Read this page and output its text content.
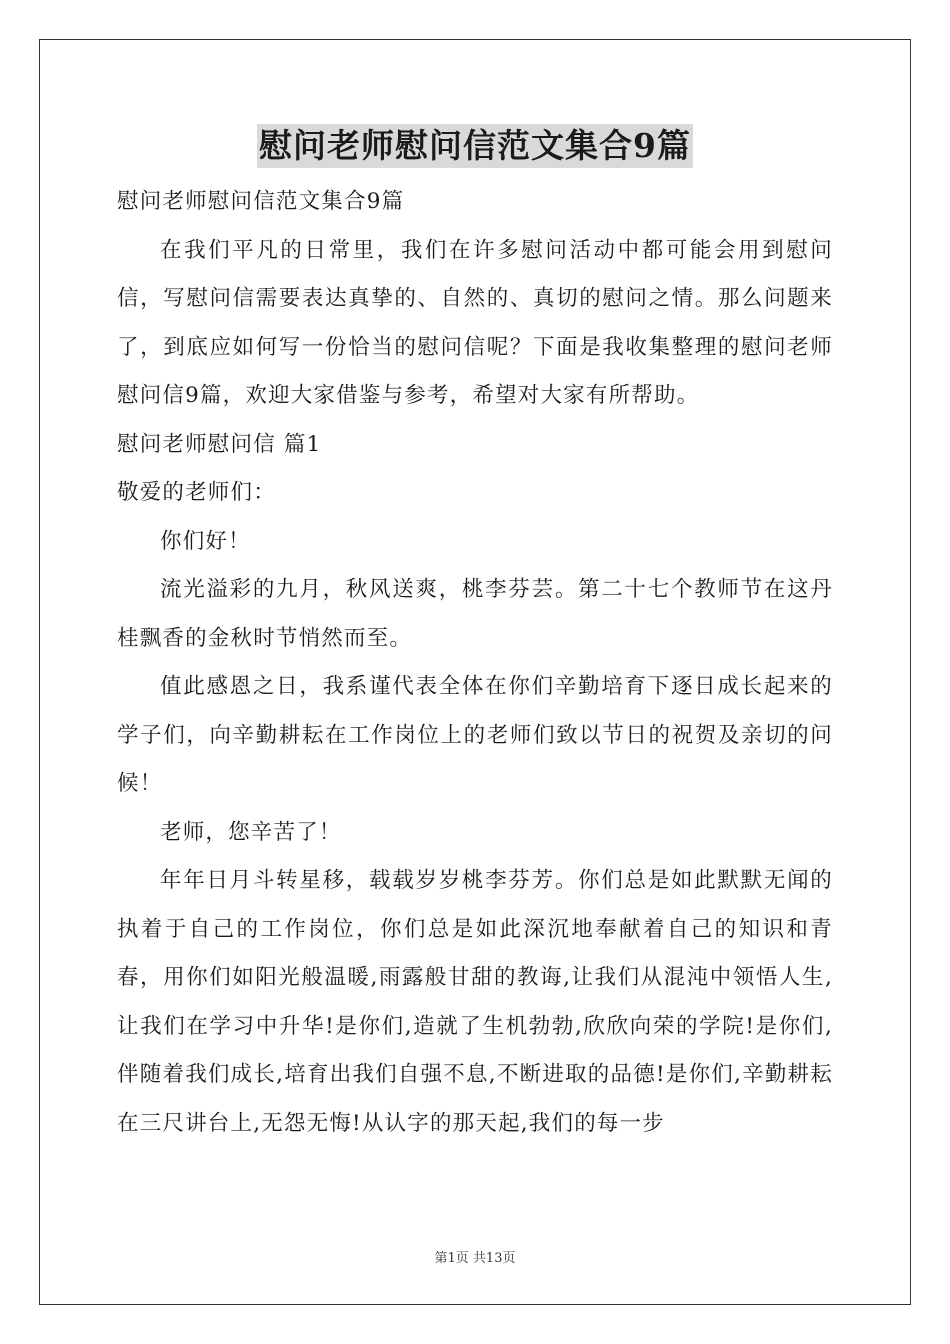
慰问老师慰问信范文集合9篇
慰问老师慰问信范文集合9篇
在我们平凡的日常里，我们在许多慰问活动中都可能会用到慰问信，写慰问信需要表达真挚的、自然的、真切的慰问之情。那么问题来了，到底应如何写一份恰当的慰问信呢？下面是我收集整理的慰问老师慰问信9篇，欢迎大家借鉴与参考，希望对大家有所帮助。
慰问老师慰问信 篇1
敬爱的老师们：
你们好！
流光溢彩的九月，秋风送爽，桃李芬芸。第二十七个教师节在这丹桂飘香的金秋时节悄然而至。
值此感恩之日，我系谨代表全体在你们辛勤培育下逐日成长起来的学子们，向辛勤耕耘在工作岗位上的老师们致以节日的祝贺及亲切的问候！
老师，您辛苦了！
年年日月斗转星移，载载岁岁桃李芬芳。你们总是如此默默无闻的执着于自己的工作岗位，你们总是如此深沉地奉献着自己的知识和青春，用你们如阳光般温暖,雨露般甘甜的教诲,让我们从混沌中领悟人生,让我们在学习中升华!是你们,造就了生机勃勃,欣欣向荣的学院!是你们,伴随着我们成长,培育出我们自强不息,不断进取的品德!是你们,辛勤耕耘在三尺讲台上,无怨无悔!从认字的那天起,我们的每一步
第1页 共13页
